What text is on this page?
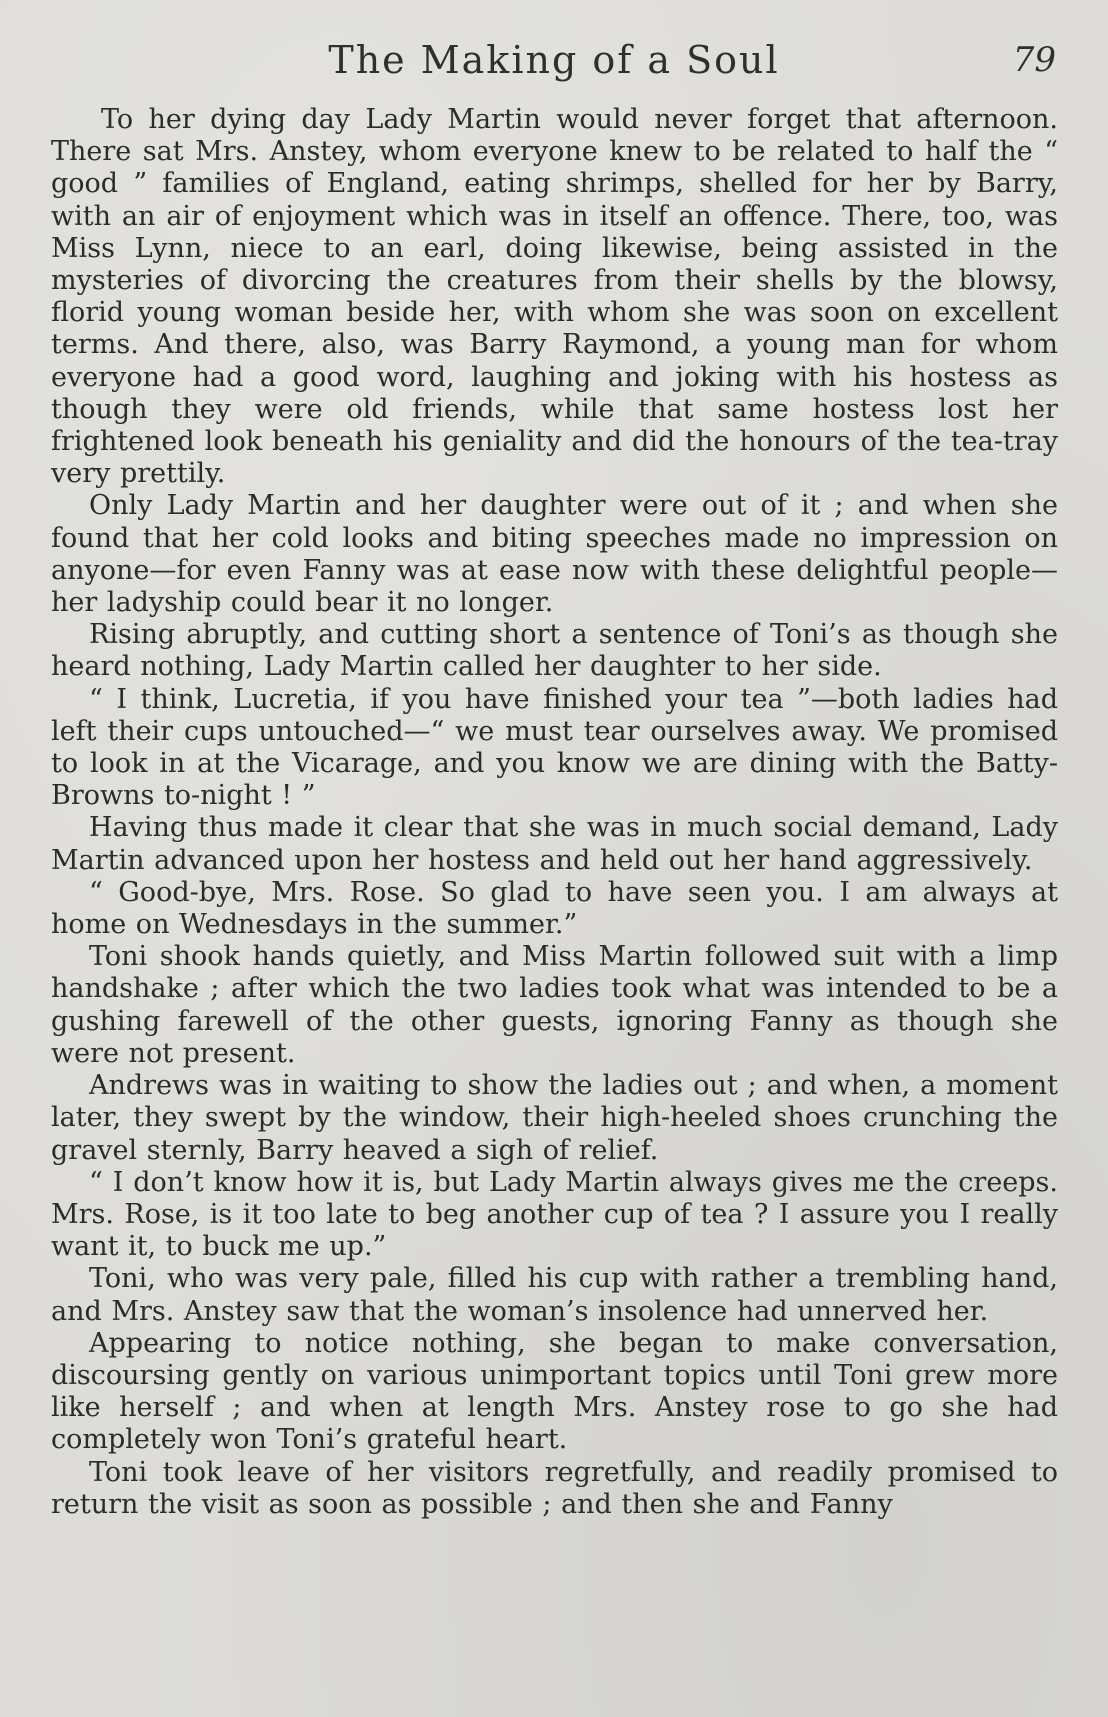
The Making of a Soul	79

To her dying day Lady Martin would never forget that afternoon. There sat Mrs. Anstey, whom everyone knew to be related to half the “ good ” families of England, eating shrimps, shelled for her by Barry, with an air of enjoyment which was in itself an offence. There, too, was Miss Lynn, niece to an earl, doing likewise, being assisted in the mysteries of divorcing the creatures from their shells by the blowsy, florid young woman beside her, with whom she was soon on excellent terms. And there, also, was Barry Raymond, a young man for whom everyone had a good word, laughing and joking with his hostess as though they were old friends, while that same hostess lost her frightened look beneath his geniality and did the honours of the tea-tray very prettily.

Only Lady Martin and her daughter were out of it ; and when she found that her cold looks and biting speeches made no impression on anyone—for even Fanny was at ease now with these delightful people—her ladyship could bear it no longer.

Rising abruptly, and cutting short a sentence of Toni’s as though she heard nothing, Lady Martin called her daughter to her side.

“ I think, Lucretia, if you have finished your tea ”—both ladies had left their cups untouched—“ we must tear ourselves away. We promised to look in at the Vicarage, and you know we are dining with the Batty-Browns to-night ! ”

Having thus made it clear that she was in much social demand, Lady Martin advanced upon her hostess and held out her hand aggressively.

“ Good-bye, Mrs. Rose. So glad to have seen you. I am always at home on Wednesdays in the summer.”

Toni shook hands quietly, and Miss Martin followed suit with a limp handshake ; after which the two ladies took what was intended to be a gushing farewell of the other guests, ignoring Fanny as though she were not present.

Andrews was in waiting to show the ladies out ; and when, a moment later, they swept by the window, their high-heeled shoes crunching the gravel sternly, Barry heaved a sigh of relief.

“ I don’t know how it is, but Lady Martin always gives me the creeps. Mrs. Rose, is it too late to beg another cup of tea ? I assure you I really want it, to buck me up.”

Toni, who was very pale, filled his cup with rather a trembling hand, and Mrs. Anstey saw that the woman’s insolence had unnerved her.

Appearing to notice nothing, she began to make conversation, discoursing gently on various unimportant topics until Toni grew more like herself ; and when at length Mrs. Anstey rose to go she had completely won Toni’s grateful heart.

Toni took leave of her visitors regretfully, and readily promised to return the visit as soon as possible ; and then she and Fanny
